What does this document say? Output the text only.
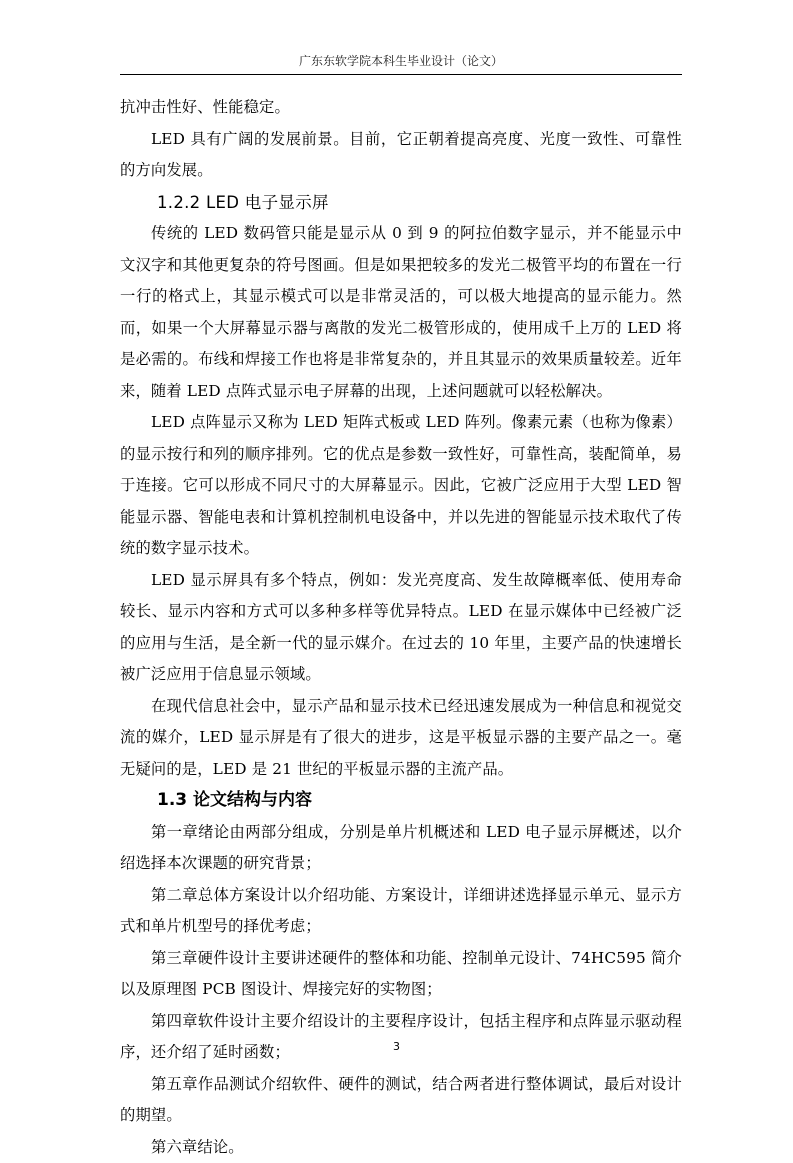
广东东软学院本科生毕业设计（论文）

抗冲击性好、性能稳定。

LED 具有广阔的发展前景。目前，它正朝着提高亮度、光度一致性、可靠性的方向发展。

1.2.2 LED 电子显示屏

传统的 LED 数码管只能是显示从 0 到 9 的阿拉伯数字显示，并不能显示中文汉字和其他更复杂的符号图画。但是如果把较多的发光二极管平均的布置在一行一行的格式上，其显示模式可以是非常灵活的，可以极大地提高的显示能力。然而，如果一个大屏幕显示器与离散的发光二极管形成的，使用成千上万的 LED 将是必需的。布线和焊接工作也将是非常复杂的，并且其显示的效果质量较差。近年来，随着 LED 点阵式显示电子屏幕的出现，上述问题就可以轻松解决。

LED 点阵显示又称为 LED 矩阵式板或 LED 阵列。像素元素（也称为像素）的显示按行和列的顺序排列。它的优点是参数一致性好，可靠性高，装配简单，易于连接。它可以形成不同尺寸的大屏幕显示。因此，它被广泛应用于大型 LED 智能显示器、智能电表和计算机控制机电设备中，并以先进的智能显示技术取代了传统的数字显示技术。

LED 显示屏具有多个特点，例如：发光亮度高、发生故障概率低、使用寿命较长、显示内容和方式可以多种多样等优异特点。LED 在显示媒体中已经被广泛的应用与生活，是全新一代的显示媒介。在过去的 10 年里，主要产品的快速增长被广泛应用于信息显示领域。

在现代信息社会中，显示产品和显示技术已经迅速发展成为一种信息和视觉交流的媒介，LED 显示屏是有了很大的进步，这是平板显示器的主要产品之一。毫无疑问的是，LED 是 21 世纪的平板显示器的主流产品。

1.3 论文结构与内容

第一章绪论由两部分组成，分别是单片机概述和 LED 电子显示屏概述，以介绍选择本次课题的研究背景；

第二章总体方案设计以介绍功能、方案设计，详细讲述选择显示单元、显示方式和单片机型号的择优考虑；

第三章硬件设计主要讲述硬件的整体和功能、控制单元设计、74HC595 简介以及原理图 PCB 图设计、焊接完好的实物图；

第四章软件设计主要介绍设计的主要程序设计，包括主程序和点阵显示驱动程序，还介绍了延时函数；

第五章作品测试介绍软件、硬件的测试，结合两者进行整体调试，最后对设计的期望。

第六章结论。

3
